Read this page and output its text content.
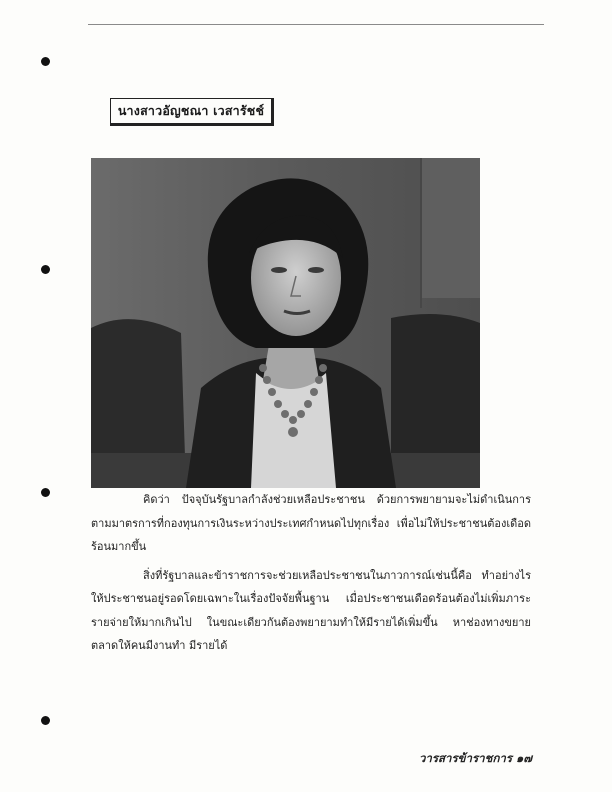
นางสาวอัญชณา เวสารัชช์

คิดว่า ปัจจุบันรัฐบาลกำลังช่วยเหลือประชาชน ด้วยการพยายามจะไม่ดำเนินการตามมาตรการที่กองทุนการเงินระหว่างประเทศกำหนดไปทุกเรื่อง เพื่อไม่ให้ประชาชนต้องเดือดร้อนมากขึ้น

สิ่งที่รัฐบาลและข้าราชการจะช่วยเหลือประชาชนในภาวการณ์เช่นนี้คือ ทำอย่างไรให้ประชาชนอยู่รอดโดยเฉพาะในเรื่องปัจจัยพื้นฐาน เมื่อประชาชนเดือดร้อนต้องไม่เพิ่มภาระรายจ่ายให้มากเกินไป ในขณะเดียวกันต้องพยายามทำให้มีรายได้เพิ่มขึ้น หาช่องทางขยายตลาดให้คนมีงานทำ มีรายได้

วารสารข้าราชการ ๑๗
